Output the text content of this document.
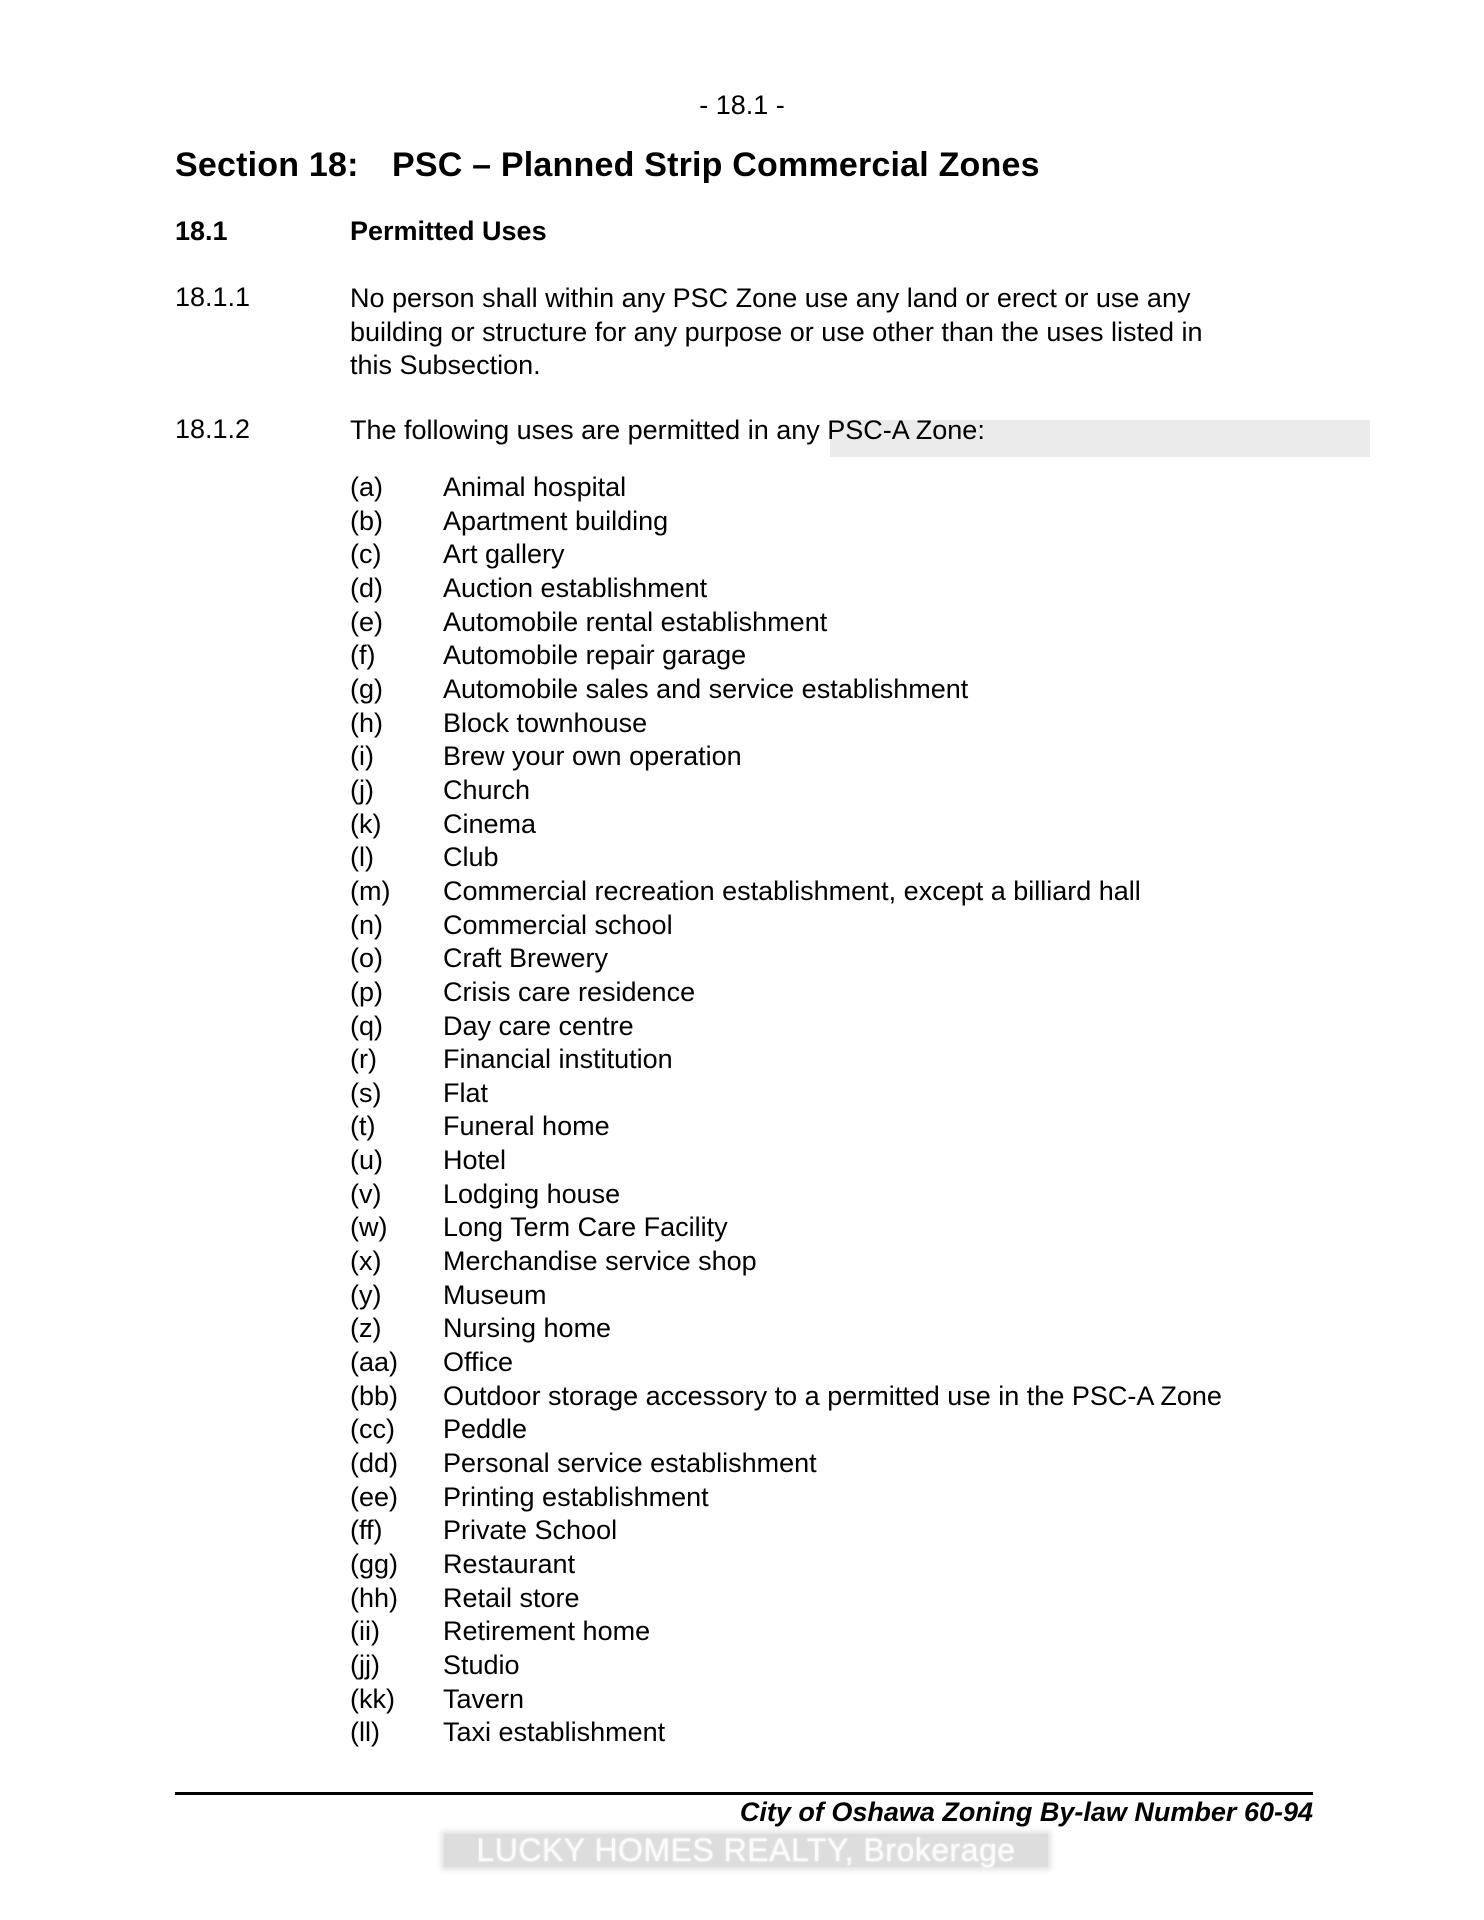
- 18.1 -
Section 18: PSC – Planned Strip Commercial Zones
18.1	Permitted Uses
18.1.1	No person shall within any PSC Zone use any land or erect or use any
building or structure for any purpose or use other than the uses listed in
this Subsection.
18.1.2	The following uses are permitted in any PSC-A Zone:
(a)	Animal hospital
(b)	Apartment building
(c)	Art gallery
(d)	Auction establishment
(e)	Automobile rental establishment
(f)	Automobile repair garage
(g)	Automobile sales and service establishment
(h)	Block townhouse
(i)	Brew your own operation
(j)	Church
(k)	Cinema
(l)	Club
(m)	Commercial recreation establishment, except a billiard hall
(n)	Commercial school
(o)	Craft Brewery
(p)	Crisis care residence
(q)	Day care centre
(r)	Financial institution
(s)	Flat
(t)	Funeral home
(u)	Hotel
(v)	Lodging house
(w)	Long Term Care Facility
(x)	Merchandise service shop
(y)	Museum
(z)	Nursing home
(aa)	Office
(bb)	Outdoor storage accessory to a permitted use in the PSC-A Zone
(cc)	Peddle
(dd)	Personal service establishment
(ee)	Printing establishment
(ff)	Private School
(gg)	Restaurant
(hh)	Retail store
(ii)	Retirement home
(jj)	Studio
(kk)	Tavern
(ll)	Taxi establishment
City of Oshawa Zoning By-law Number 60-94
LUCKY HOMES REALTY, Brokerage
